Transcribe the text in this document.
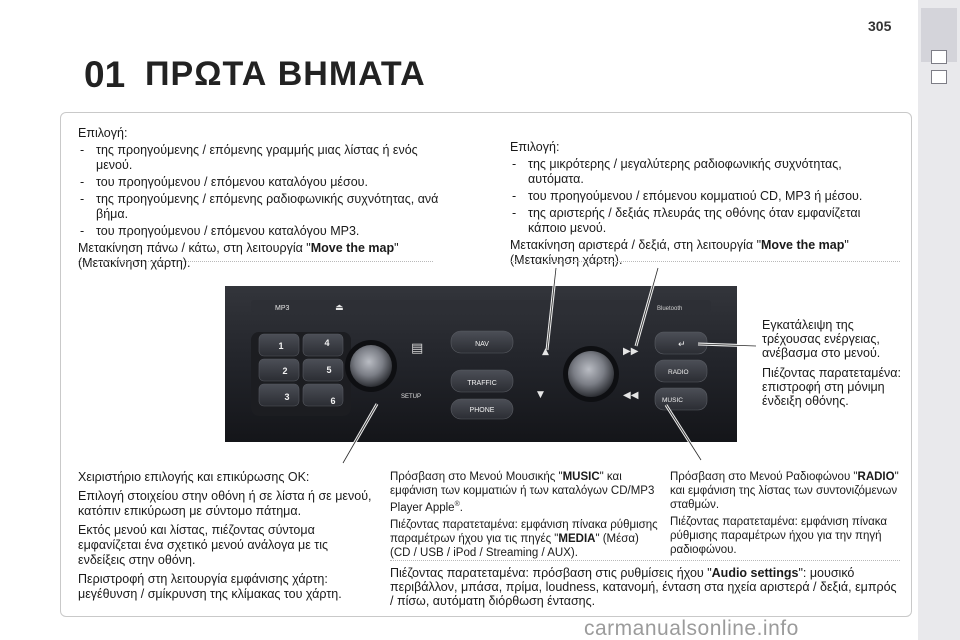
305
01 ΠΡΩΤΑ ΒΗΜΑΤΑ

Επιλογή:

- της προηγούμενης / επόμενης γραμμής μιας λίστας ή ενός μενού.
- του προηγούμενου / επόμενου καταλόγου μέσου.
- της προηγούμενης / επόμενης ραδιοφωνικής συχνότητας, ανά βήμα.
- του προηγούμενου / επόμενου καταλόγου MP3.

Μετακίνηση πάνω / κάτω, στη λειτουργία "Move the map" (Μετακίνηση χάρτη).

Επιλογή:

- της μικρότερης / μεγαλύτερης ραδιοφωνικής συχνότητας, αυτόματα.
- του προηγούμενου / επόμενου κομματιού CD, MP3 ή μέσου.
- της αριστερής / δεξιάς πλευράς της οθόνης όταν εμφανίζεται κάποιο μενού.

Μετακίνηση αριστερά / δεξιά, στη λειτουργία "Move the map" (Μετακίνηση χάρτη).

Εγκατάλειψη της τρέχουσας ενέργειας, ανέβασμα στο μενού.

Πιέζοντας παρατεταμένα: επιστροφή στη μόνιμη ένδειξη οθόνης.

MP3	⏏	Bluetooth
1	4
2	5
3	6	SETUP
▤	NAV
TRAFFIC
PHONE
▲
▼
▶▶
◀◀
↵
RADIO
MUSIC

Χειριστήριο επιλογής και επικύρωσης OK:

Επιλογή στοιχείου στην οθόνη ή σε λίστα ή σε μενού, κατόπιν επικύρωση με σύντομο πάτημα.

Εκτός μενού και λίστας, πιέζοντας σύντομα εμφανίζεται ένα σχετικό μενού ανάλογα με τις ενδείξεις στην οθόνη.

Περιστροφή στη λειτουργία εμφάνισης χάρτη: μεγέθυνση / σμίκρυνση της κλίμακας του χάρτη.

Πρόσβαση στο Μενού Μουσικής "MUSIC" και εμφάνιση των κομματιών ή των καταλόγων CD/MP3 Player Apple®.

Πιέζοντας παρατεταμένα: εμφάνιση πίνακα ρύθμισης παραμέτρων ήχου για τις πηγές "MEDIA" (Μέσα) (CD / USB / iPod / Streaming / AUX).

Πρόσβαση στο Μενού Ραδιοφώνου "RADIO" και εμφάνιση της λίστας των συντονιζόμενων σταθμών.

Πιέζοντας παρατεταμένα: εμφάνιση πίνακα ρύθμισης παραμέτρων ήχου για την πηγή ραδιοφώνου.

Πιέζοντας παρατεταμένα: πρόσβαση στις ρυθμίσεις ήχου "Audio settings": μουσικό περιβάλλον, μπάσα, πρίμα, loudness, κατανομή, ένταση στα ηχεία αριστερά / δεξιά, εμπρός / πίσω, αυτόματη διόρθωση έντασης.

carmanualsonline.info
